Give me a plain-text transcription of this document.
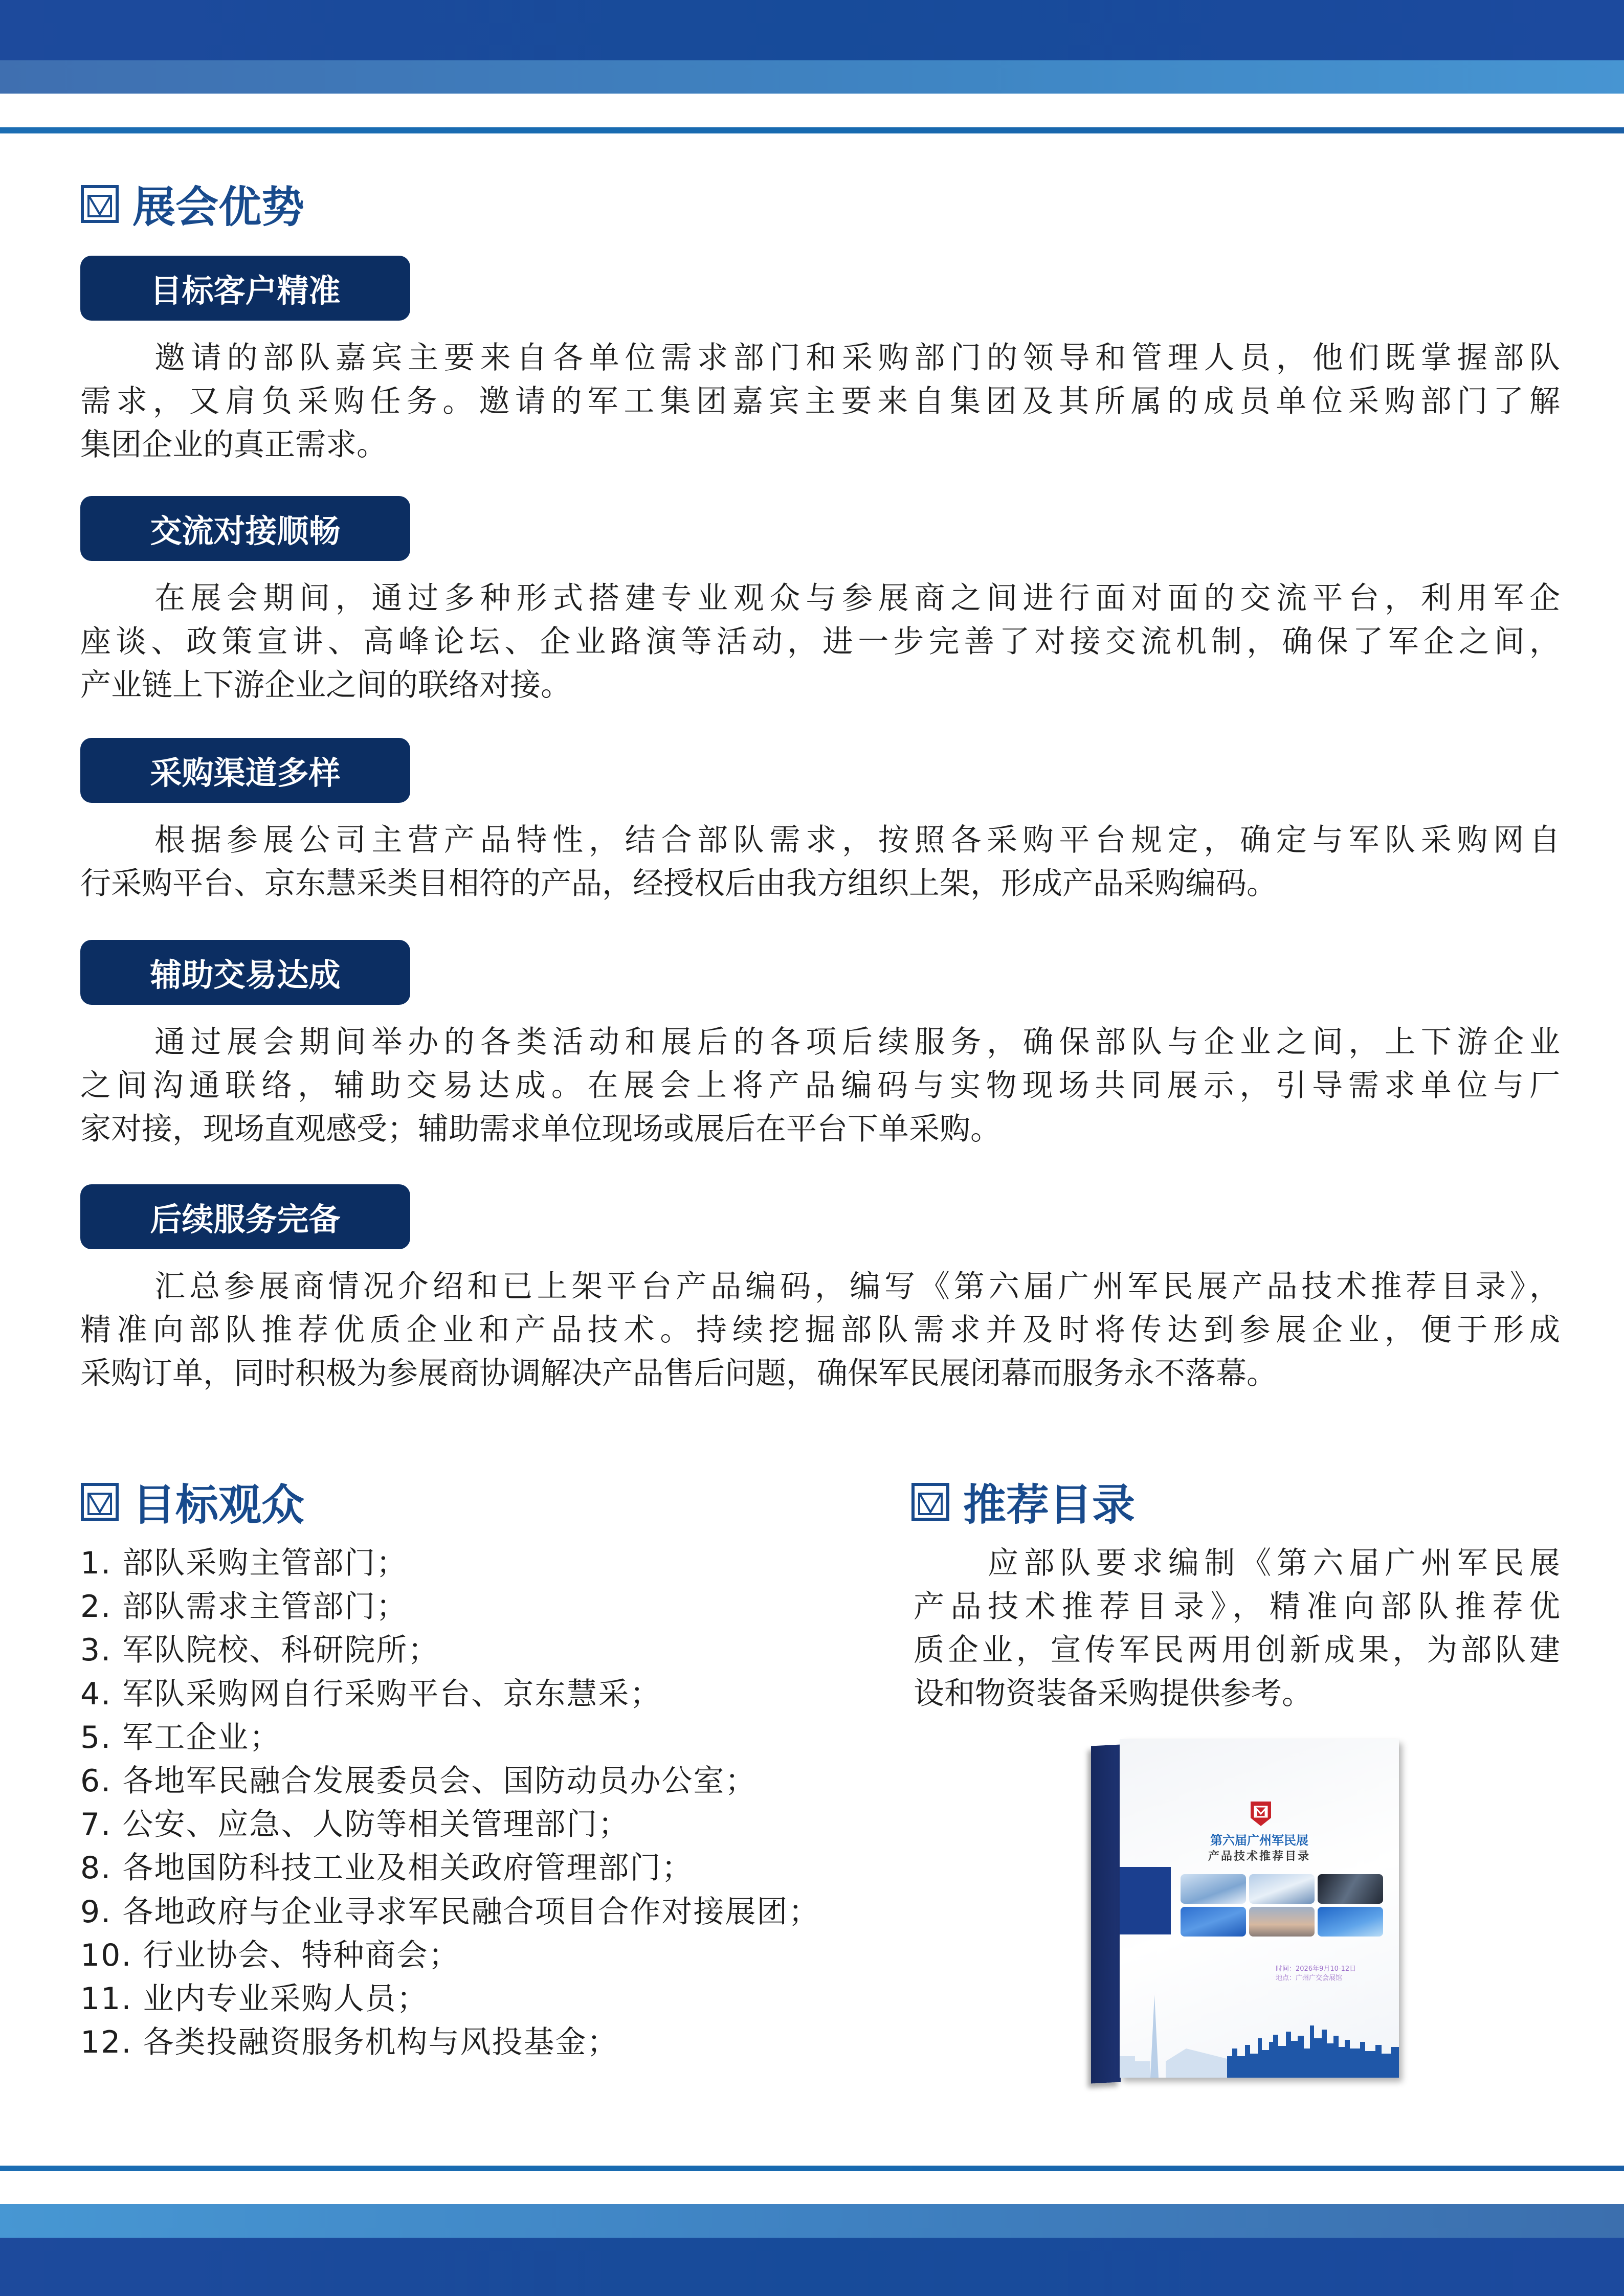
展会优势
目标客户精准
邀请的部队嘉宾主要来自各单位需求部门和采购部门的领导和管理人员，他们既掌握部队
需求，又肩负采购任务。邀请的军工集团嘉宾主要来自集团及其所属的成员单位采购部门了解
集团企业的真正需求。
交流对接顺畅
在展会期间，通过多种形式搭建专业观众与参展商之间进行面对面的交流平台，利用军企
座谈、政策宣讲、高峰论坛、企业路演等活动，进一步完善了对接交流机制，确保了军企之间，
产业链上下游企业之间的联络对接。
采购渠道多样
根据参展公司主营产品特性，结合部队需求，按照各采购平台规定，确定与军队采购网自
行采购平台、京东慧采类目相符的产品，经授权后由我方组织上架，形成产品采购编码。
辅助交易达成
通过展会期间举办的各类活动和展后的各项后续服务，确保部队与企业之间，上下游企业
之间沟通联络，辅助交易达成。在展会上将产品编码与实物现场共同展示，引导需求单位与厂
家对接，现场直观感受；辅助需求单位现场或展后在平台下单采购。
后续服务完备
汇总参展商情况介绍和已上架平台产品编码，编写《第六届广州军民展产品技术推荐目录》，
精准向部队推荐优质企业和产品技术。持续挖掘部队需求并及时将传达到参展企业，便于形成
采购订单，同时积极为参展商协调解决产品售后问题，确保军民展闭幕而服务永不落幕。
目标观众
1. 部队采购主管部门；
2. 部队需求主管部门；
3. 军队院校、科研院所；
4. 军队采购网自行采购平台、京东慧采；
5. 军工企业；
6. 各地军民融合发展委员会、国防动员办公室；
7. 公安、应急、人防等相关管理部门；
8. 各地国防科技工业及相关政府管理部门；
9. 各地政府与企业寻求军民融合项目合作对接展团；
10. 行业协会、特种商会；
11. 业内专业采购人员；
12. 各类投融资服务机构与风投基金；
推荐目录
应部队要求编制《第六届广州军民展
产品技术推荐目录》，精准向部队推荐优
质企业，宣传军民两用创新成果，为部队建
设和物资装备采购提供参考。
第六届广州军民展
产品技术推荐目录
时间：2026年9月10-12日
地点：广州广交会展馆
